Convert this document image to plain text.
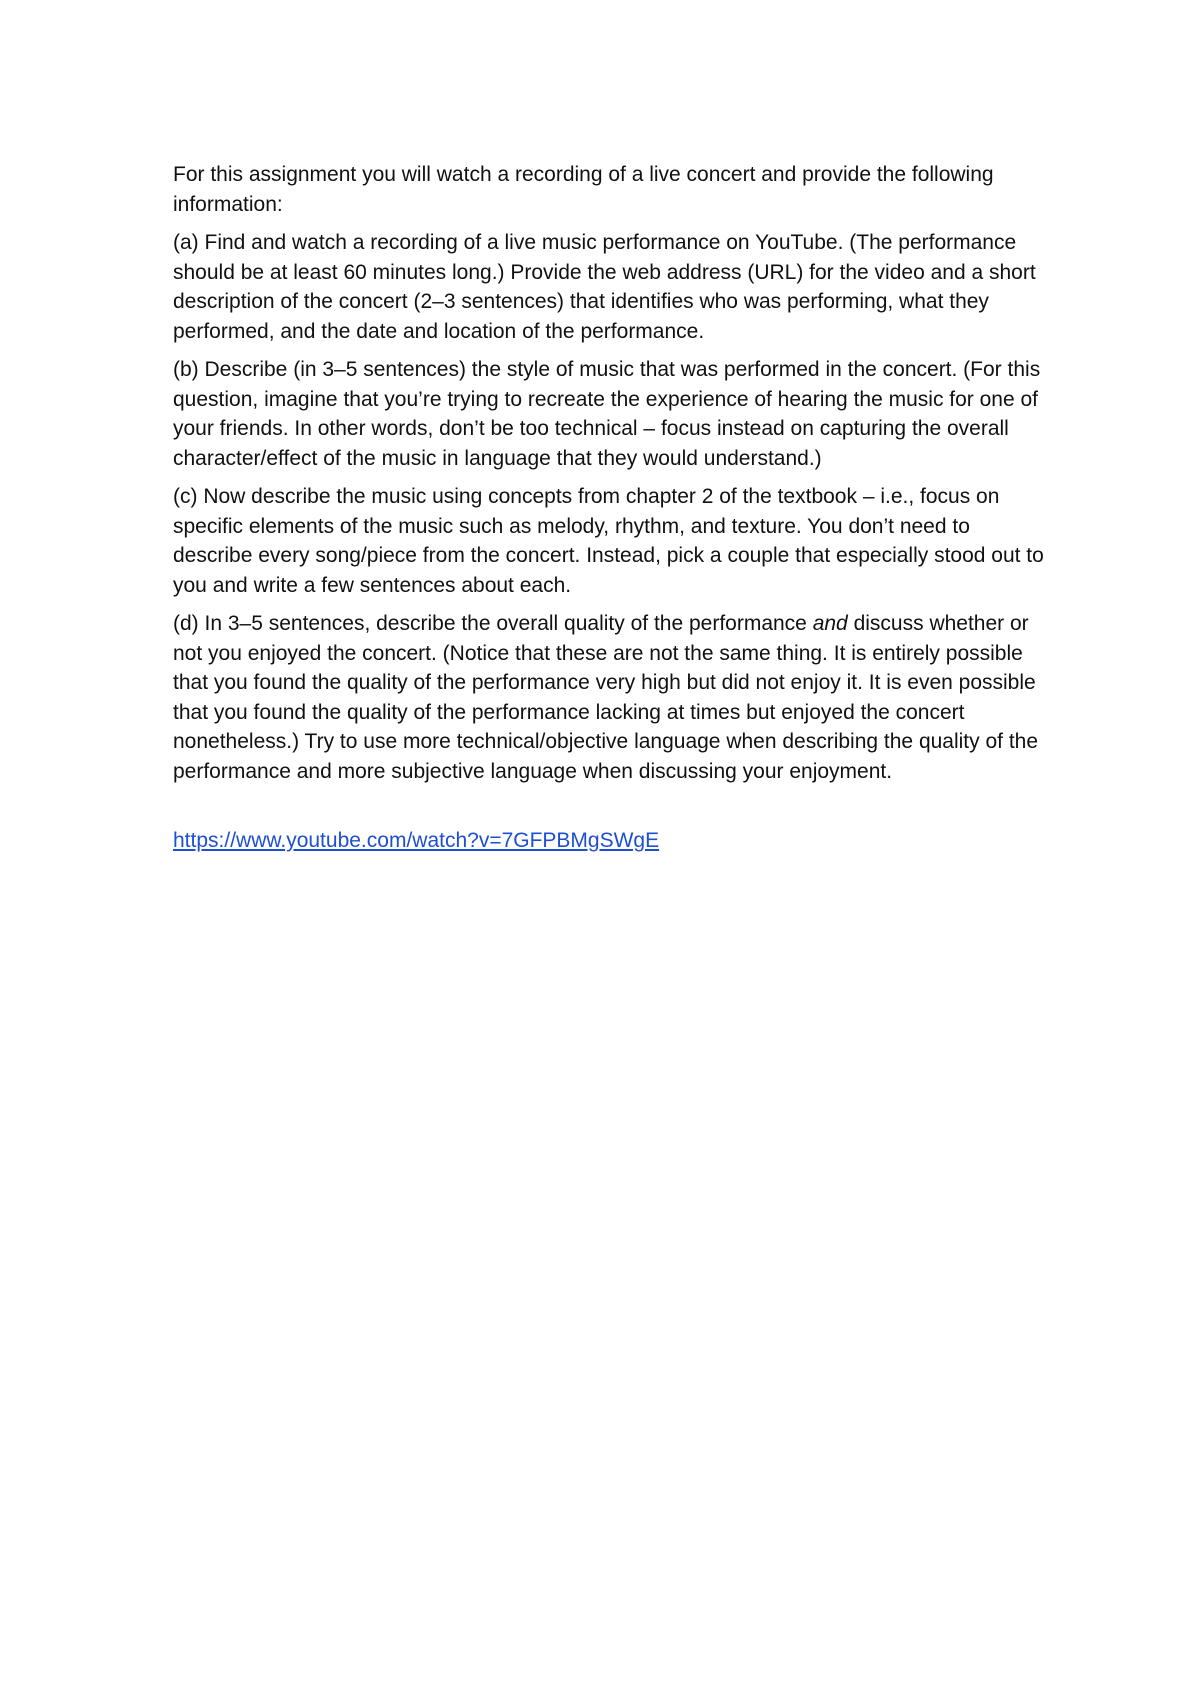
For this assignment you will watch a recording of a live concert and provide the following information:

(a) Find and watch a recording of a live music performance on YouTube. (The performance should be at least 60 minutes long.) Provide the web address (URL) for the video and a short description of the concert (2–3 sentences) that identifies who was performing, what they performed, and the date and location of the performance.

(b) Describe (in 3–5 sentences) the style of music that was performed in the concert. (For this question, imagine that you’re trying to recreate the experience of hearing the music for one of your friends. In other words, don’t be too technical – focus instead on capturing the overall character/effect of the music in language that they would understand.)

(c) Now describe the music using concepts from chapter 2 of the textbook – i.e., focus on specific elements of the music such as melody, rhythm, and texture. You don’t need to describe every song/piece from the concert. Instead, pick a couple that especially stood out to you and write a few sentences about each.

(d) In 3–5 sentences, describe the overall quality of the performance and discuss whether or not you enjoyed the concert. (Notice that these are not the same thing. It is entirely possible that you found the quality of the performance very high but did not enjoy it. It is even possible that you found the quality of the performance lacking at times but enjoyed the concert nonetheless.) Try to use more technical/objective language when describing the quality of the performance and more subjective language when discussing your enjoyment.

https://www.youtube.com/watch?v=7GFPBMgSWgE
